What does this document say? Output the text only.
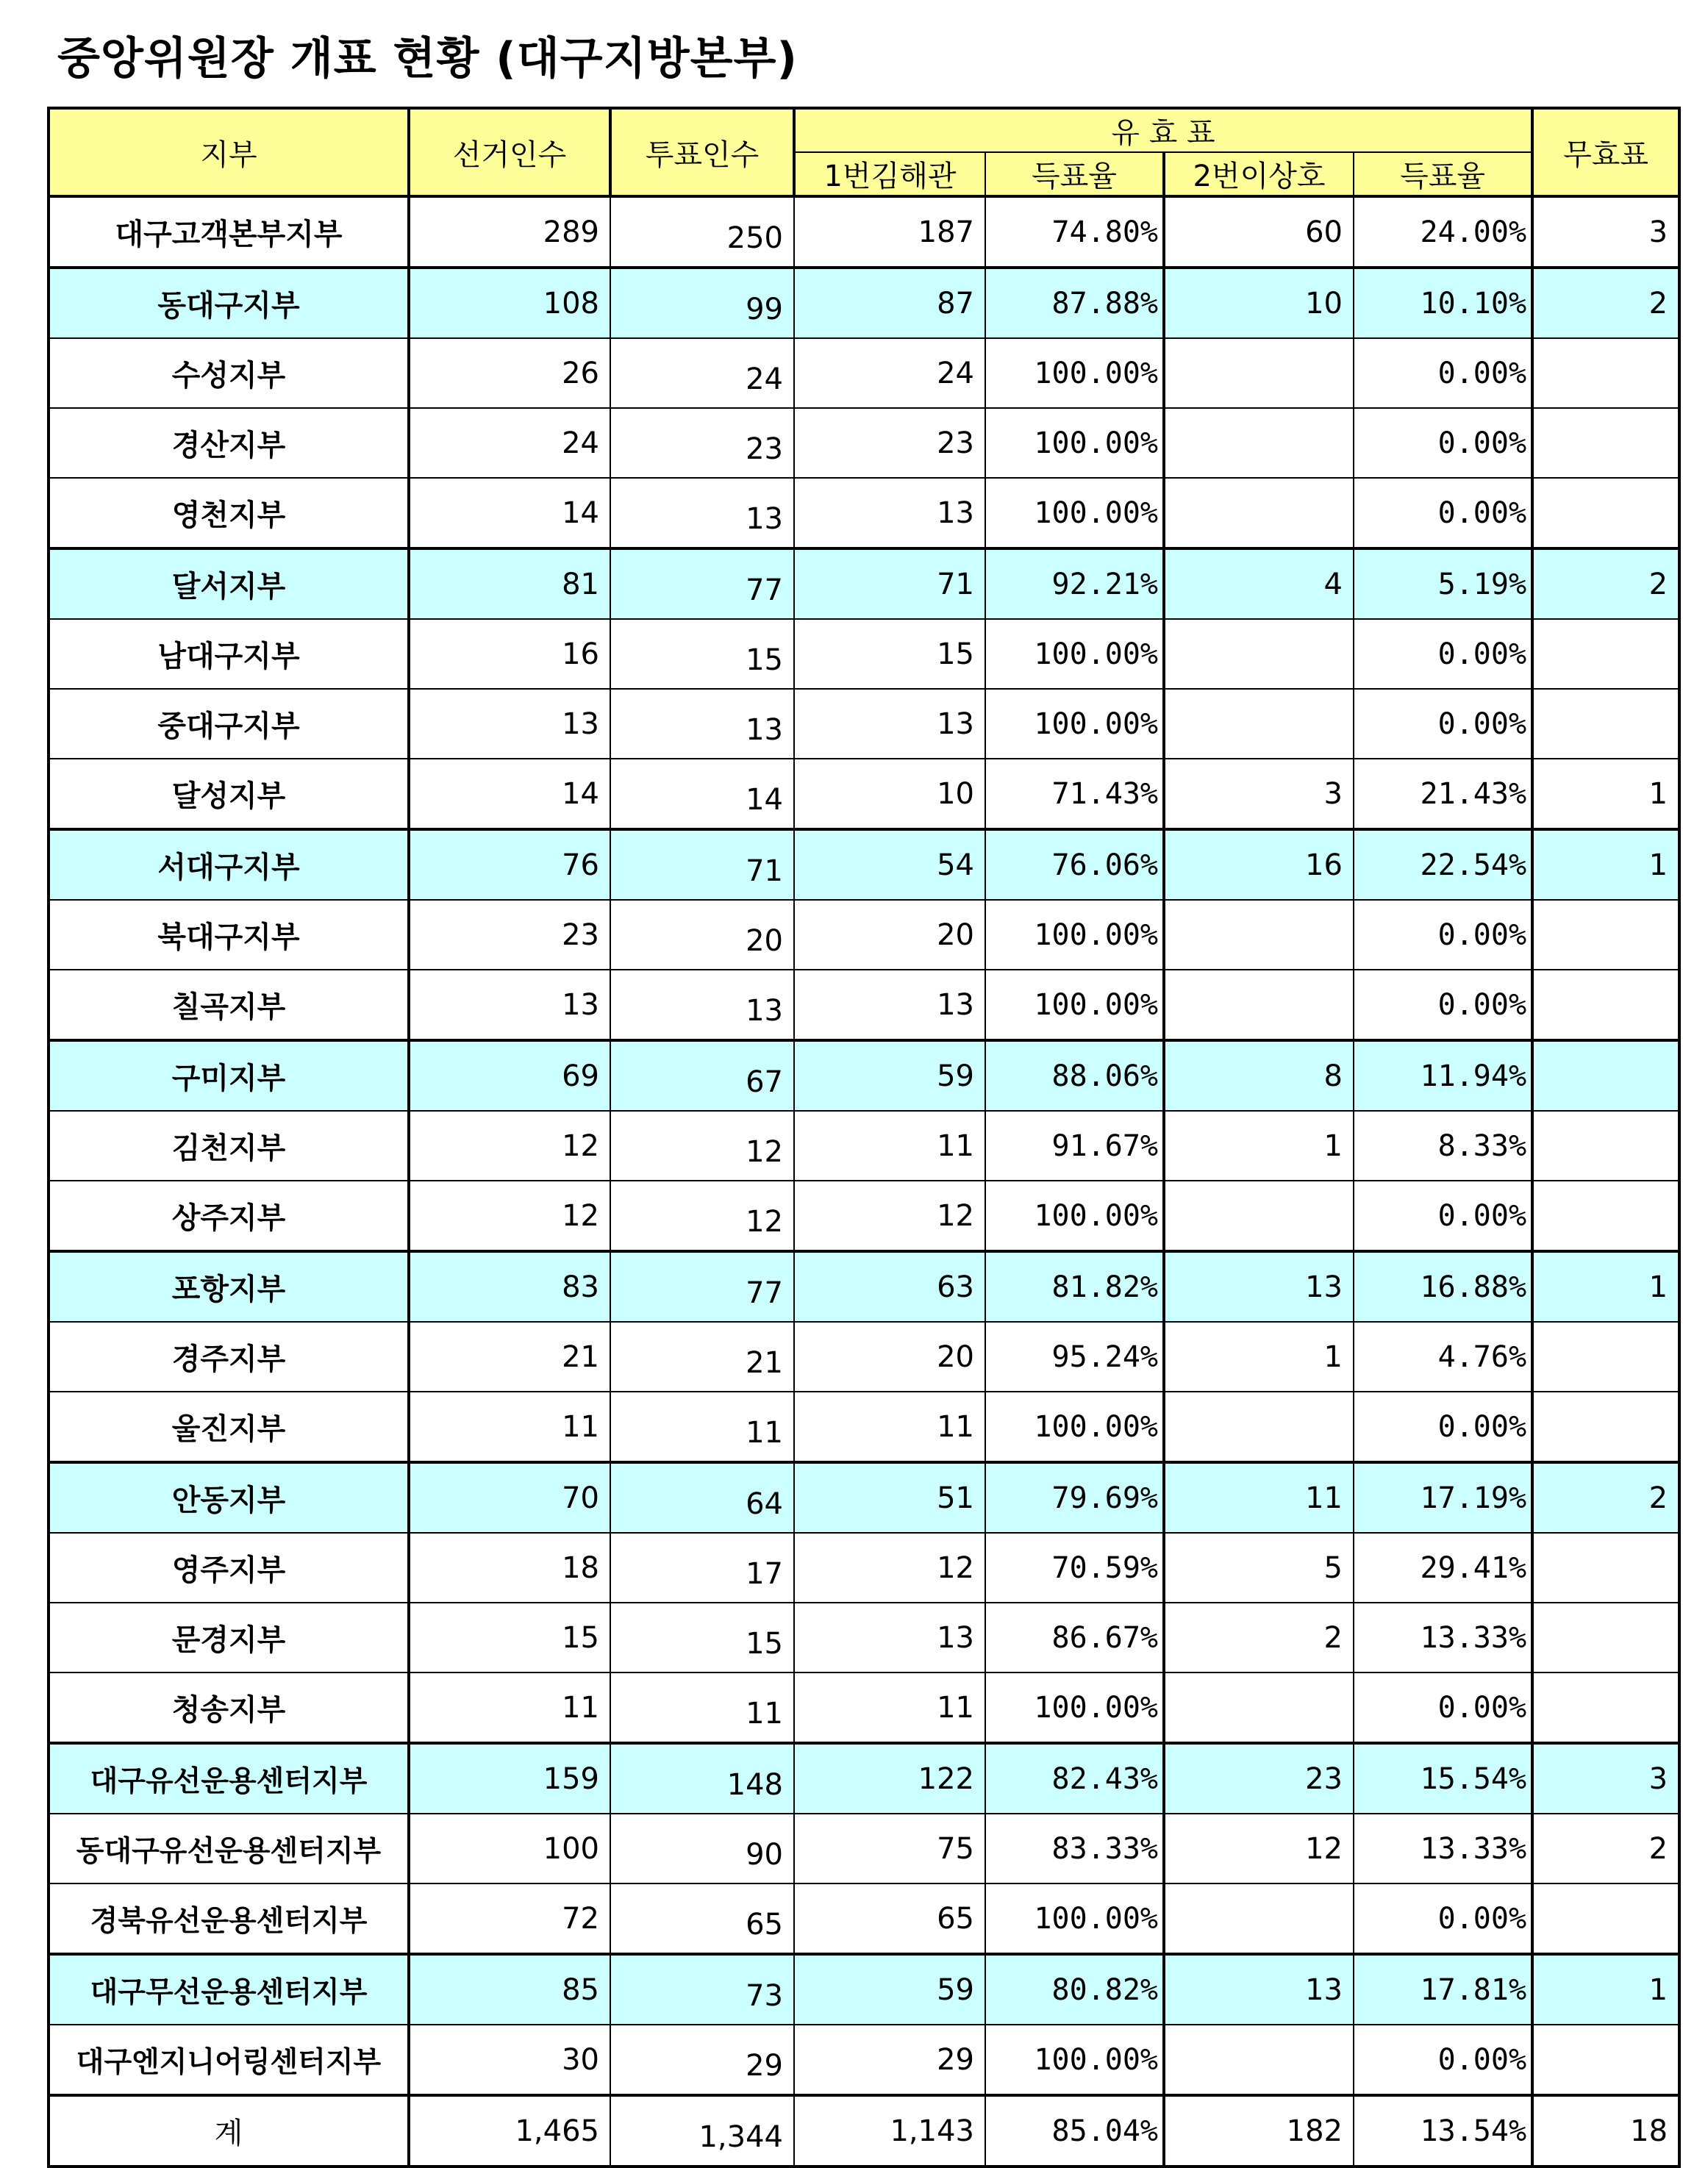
중앙위원장 개표 현황 (대구지방본부)
지부	선거인수	투표인수	유 효 표				무효표
			1번김해관	득표율	2번이상호	득표율	
대구고객본부지부	289	250	187	74.80%	60	24.00%	3
동대구지부	108	99	87	87.88%	10	10.10%	2
수성지부	26	24	24	100.00%		0.00%	
경산지부	24	23	23	100.00%		0.00%	
영천지부	14	13	13	100.00%		0.00%	
달서지부	81	77	71	92.21%	4	5.19%	2
남대구지부	16	15	15	100.00%		0.00%	
중대구지부	13	13	13	100.00%		0.00%	
달성지부	14	14	10	71.43%	3	21.43%	1
서대구지부	76	71	54	76.06%	16	22.54%	1
북대구지부	23	20	20	100.00%		0.00%	
칠곡지부	13	13	13	100.00%		0.00%	
구미지부	69	67	59	88.06%	8	11.94%	
김천지부	12	12	11	91.67%	1	8.33%	
상주지부	12	12	12	100.00%		0.00%	
포항지부	83	77	63	81.82%	13	16.88%	1
경주지부	21	21	20	95.24%	1	4.76%	
울진지부	11	11	11	100.00%		0.00%	
안동지부	70	64	51	79.69%	11	17.19%	2
영주지부	18	17	12	70.59%	5	29.41%	
문경지부	15	15	13	86.67%	2	13.33%	
청송지부	11	11	11	100.00%		0.00%	
대구유선운용센터지부	159	148	122	82.43%	23	15.54%	3
동대구유선운용센터지부	100	90	75	83.33%	12	13.33%	2
경북유선운용센터지부	72	65	65	100.00%		0.00%	
대구무선운용센터지부	85	73	59	80.82%	13	17.81%	1
대구엔지니어링센터지부	30	29	29	100.00%		0.00%	
계	1,465	1,344	1,143	85.04%	182	13.54%	18
